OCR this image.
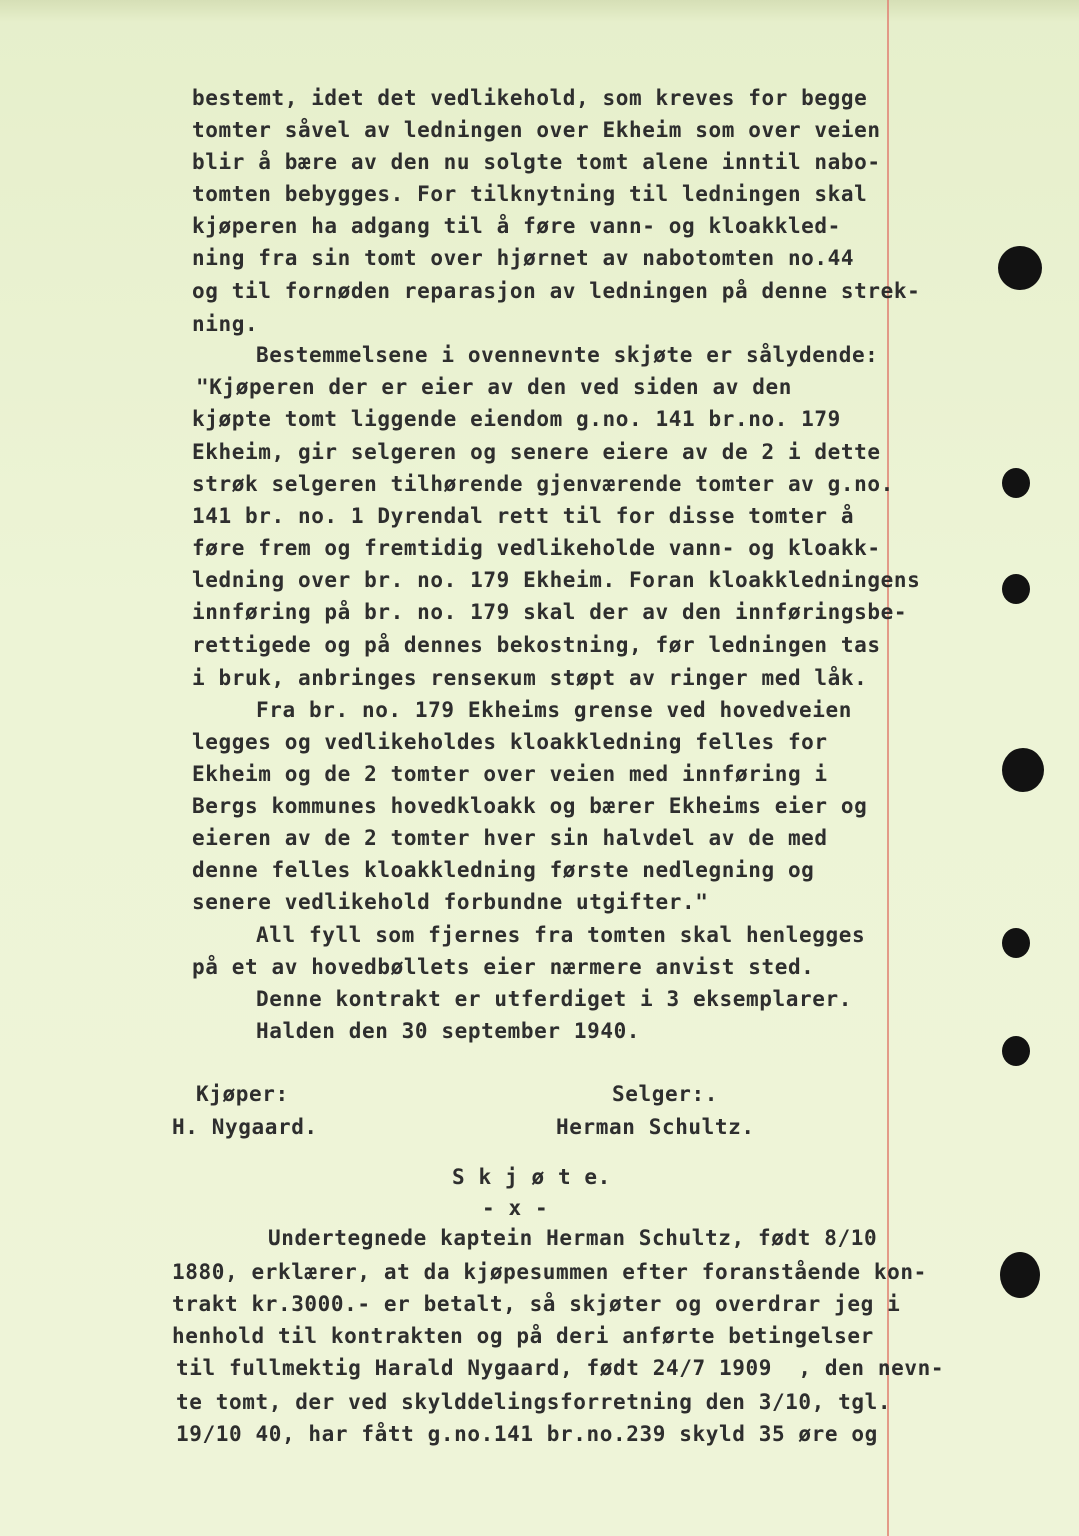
bestemt, idet det vedlikehold, som kreves for begge
tomter såvel av ledningen over Ekheim som over veien
blir å bære av den nu solgte tomt alene inntil nabo-
tomten bebygges. For tilknytning til ledningen skal
kjøperen ha adgang til å føre vann- og kloakkled-
ning fra sin tomt over hjørnet av nabotomten no.44
og til fornøden reparasjon av ledningen på denne strek-
ning.
Bestemmelsene i ovennevnte skjøte er sålydende:
"Kjøperen der er eier av den ved siden av den
kjøpte tomt liggende eiendom g.no. 141 br.no. 179
Ekheim, gir selgeren og senere eiere av de 2 i dette
strøk selgeren tilhørende gjenværende tomter av g.no.
141 br. no. 1 Dyrendal rett til for disse tomter å
føre frem og fremtidig vedlikeholde vann- og kloakk-
ledning over br. no. 179 Ekheim. Foran kloakkledningens
innføring på br. no. 179 skal der av den innføringsbe-
rettigede og på dennes bekostning, før ledningen tas
i bruk, anbringes renseкum støpt av ringer med låk.
Fra br. no. 179 Ekheims grense ved hovedveien
legges og vedlikeholdes kloakkledning felles for
Ekheim og de 2 tomter over veien med innføring i
Bergs kommunes hovedkloakk og bærer Ekheims eier og
eieren av de 2 tomter hver sin halvdel av de med
denne felles kloakkledning første nedlegning og
senere vedlikehold forbundne utgifter."
All fyll som fjernes fra tomten skal henlegges
på et av hovedbøllets eier nærmere anvist sted.
Denne kontrakt er utferdiget i 3 eksemplarer.
Halden den 30 september 1940.
Kjøper:
H. Nygaard.
Selger:.
Herman Schultz.
S k j ø t e.
- x -
Undertegnede kaptein Herman Schultz, født 8/10
1880, erklærer, at da kjøpesummen efter foranstående kon-
trakt kr.3000.- er betalt, så skjøter og overdrar jeg i
henhold til kontrakten og på deri anførte betingelser
til fullmektig Harald Nygaard, født 24/7 1909  , den nevn-
te tomt, der ved skylddelingsforretning den 3/10, tgl.
19/10 40, har fått g.no.141 br.no.239 skyld 35 øre og
